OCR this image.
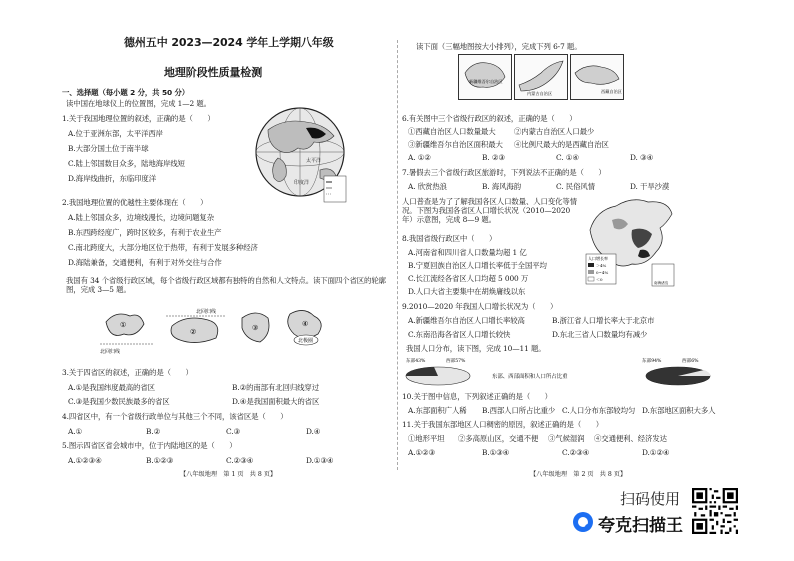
德州五中 2023—2024 学年上学期八年级
地理阶段性质量检测
一、选择题（每小题 2 分，共 50 分）
读中国在地球仪上的位置图，完成 1—2 题。
1.关于我国地理位置的叙述，正确的是（　　）
A.位于亚洲东部，太平洋西岸
B.大部分国土位于南半球
C.陆上邻国数目众多，陆地海岸线短
D.海岸线曲折，东临印度洋
太平洋
印度洋
2.我国地理位置的优越性主要体现在（　　）
A.陆上邻国众多，边境线漫长，边境问题复杂
B.东西跨经度广，跨时区较多，有利于农业生产
C.南北跨度大，大部分地区位于热带，有利于发展多种经济
D.海陆兼备，交通便利，有利于对外交往与合作
我国有 34 个省级行政区域，每个省级行政区域都有独特的自然和人文特点。读下面四个省区的轮廓图，完成 3—5 题。
①
北回归线
②
北回归线
③
北极圈
④
3.关于四省区的叙述，正确的是（　　）
A.①是我国纬度最高的省区	B.②的南部有北回归线穿过
C.③是我国少数民族最多的省区	D.④是我国面积最大的省区
4.四省区中，有一个省级行政单位与其他三个不同，该省区是（　　）
A.①	B.②	C.③	D.④
5.图示四省区省会城市中，位于内陆地区的是（　　）
A.①②③④	B.①②③	C.②③④	D.①③④
【八年级地理　第 1 页　共 8 页】
读下面（三幅地图按大小排列），完成下列 6-7 题。
新疆维吾尔自治区
内蒙古自治区	西藏自治区
6.有关图中三个省级行政区的叙述，正确的是（　　）
①西藏自治区人口数量最大	②内蒙古自治区人口最少
③新疆维吾尔自治区面积最大 ④比例尺最大的是西藏自治区
A. ①②	B. ②③	C. ①④	D. ③④
7.暑假去三个省级行政区旅游时，下列说法不正确的是（　　）
A. 欣赏热浪	B. 海风海韵	C. 民俗风情	D. 干旱沙漠
人口普查是为了了解我国各区人口数量、人口变化等情况。下图为我国各省区人口增长状况（2010—2020 年）示意图，完成 8—9 题。
人口增长率
＞4%
0~4%
＜0
南海诸岛
8.我国省级行政区中（　　）
A.河南省和四川省人口数量均超 1 亿
B.宁夏回族自治区人口增长率低于全国平均
C.长江流经各省区人口均超 5 000 万
D.人口大省主要集中在胡焕庸线以东
9.2010—2020 年我国人口增长状况为（　　）
A.新疆维吾尔自治区人口增长率较高	B.浙江省人口增长率大于北京市
C.东南沿海各省区人口增长较快	D.东北三省人口数量均有减少
我国人口分布，读下图，完成 10—11 题。
东部43%	西部57%
东部、西部面积和人口所占比重
东部94%	西部6%
10.关于图中信息，下列叙述正确的是（　　）
A.东部面积广人稀 B.西部人口所占比重少 C.人口分布东部较均匀 D.东部地区面积大多人
11.关于我国东部地区人口稠密的原因，叙述正确的是（　　）
①地形平坦 ②多高原山区，交通不便 ③气候湿润 ④交通便利、经济发达
A.①②③	B.①③④	C.②③④	D.①②④
【八年级地理　第 2 页　共 8 页】
扫码使用
夸克扫描王
